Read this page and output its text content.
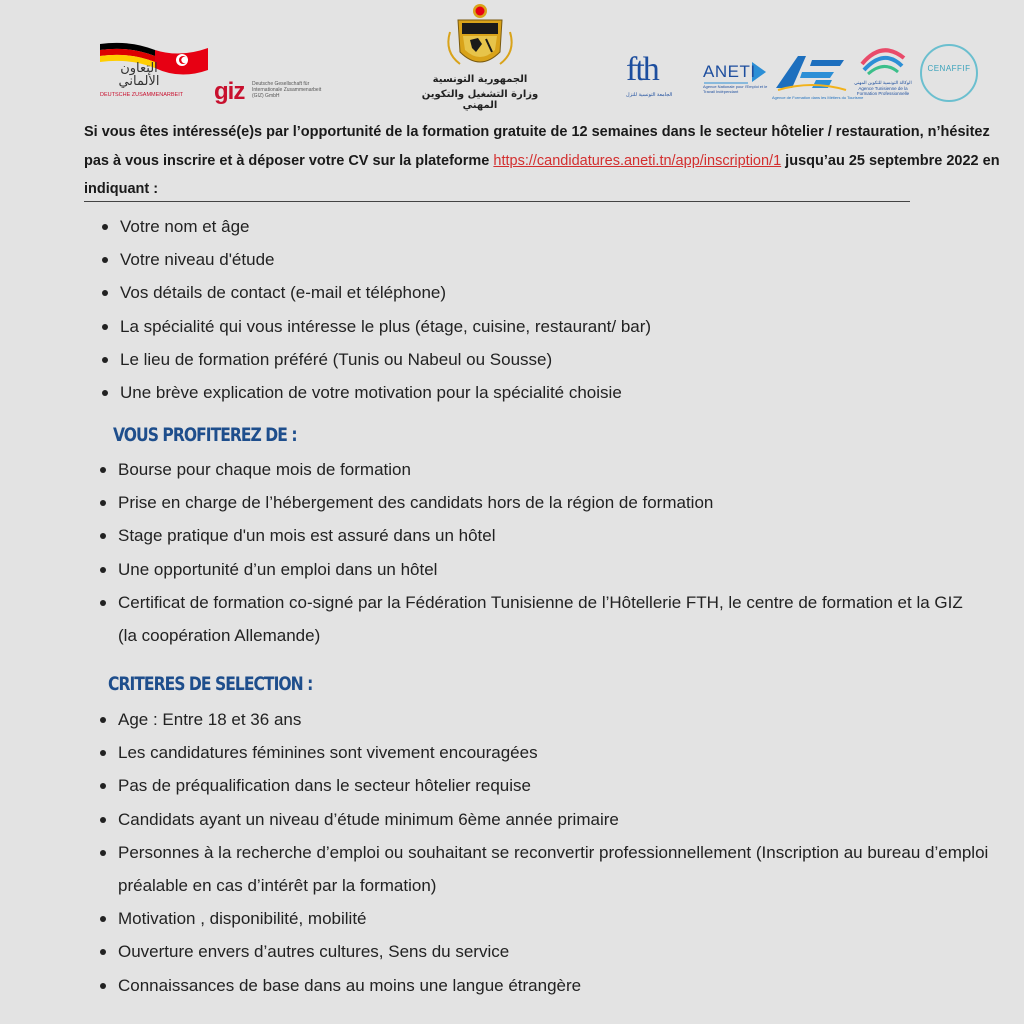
التعاون الألماني
DEUTSCHE ZUSAMMENARBEIT giz Deutsche Gesellschaft für Internationale Zusammenarbeit (GIZ) GmbH
الجمهورية التونسية
وزارة التشغيل والتكوين المهني
fth
الجامعة التونسية للنزل
ANETI
Agence Nationale pour l'Emploi et le Travail Indépendant
Agence de Formation dans les Métiers du Tourisme
الوكالة التونسية للتكوين المهني Agence Tunisienne de la Formation Professionnelle
CENAFFIF
Si vous êtes intéressé(e)s par l’opportunité de la formation gratuite de 12 semaines dans le secteur hôtelier / restauration, n’hésitez pas à vous inscrire et à déposer votre CV sur la plateforme https://candidatures.aneti.tn/app/inscription/1 jusqu’au 25 septembre 2022 en indiquant :
Votre nom et âge
Votre niveau d'étude
Vos détails de contact (e-mail et téléphone)
La spécialité qui vous intéresse le plus (étage, cuisine, restaurant/ bar)
Le lieu de formation préféré (Tunis ou Nabeul ou Sousse)
Une brève explication de votre motivation pour la spécialité choisie
VOUS PROFITEREZ DE :
Bourse pour chaque mois de formation
Prise en charge de l’hébergement des candidats hors de la région de formation
Stage pratique d'un mois est assuré dans un hôtel
Une opportunité d’un emploi dans un hôtel
Certificat de formation co-signé par la Fédération Tunisienne de l’Hôtellerie FTH, le centre de formation et la GIZ (la coopération Allemande)
CRITERES DE SELECTION :
Age : Entre 18 et 36 ans
Les candidatures féminines sont vivement encouragées
Pas de préqualification dans le secteur hôtelier requise
Candidats ayant un niveau d’étude minimum 6ème année primaire
Personnes à la recherche d’emploi ou souhaitant se reconvertir professionnellement (Inscription au bureau d’emploi préalable en cas d’intérêt par la formation)
Motivation , disponibilité, mobilité
Ouverture envers d’autres cultures, Sens du service
Connaissances de base dans au moins une langue étrangère
